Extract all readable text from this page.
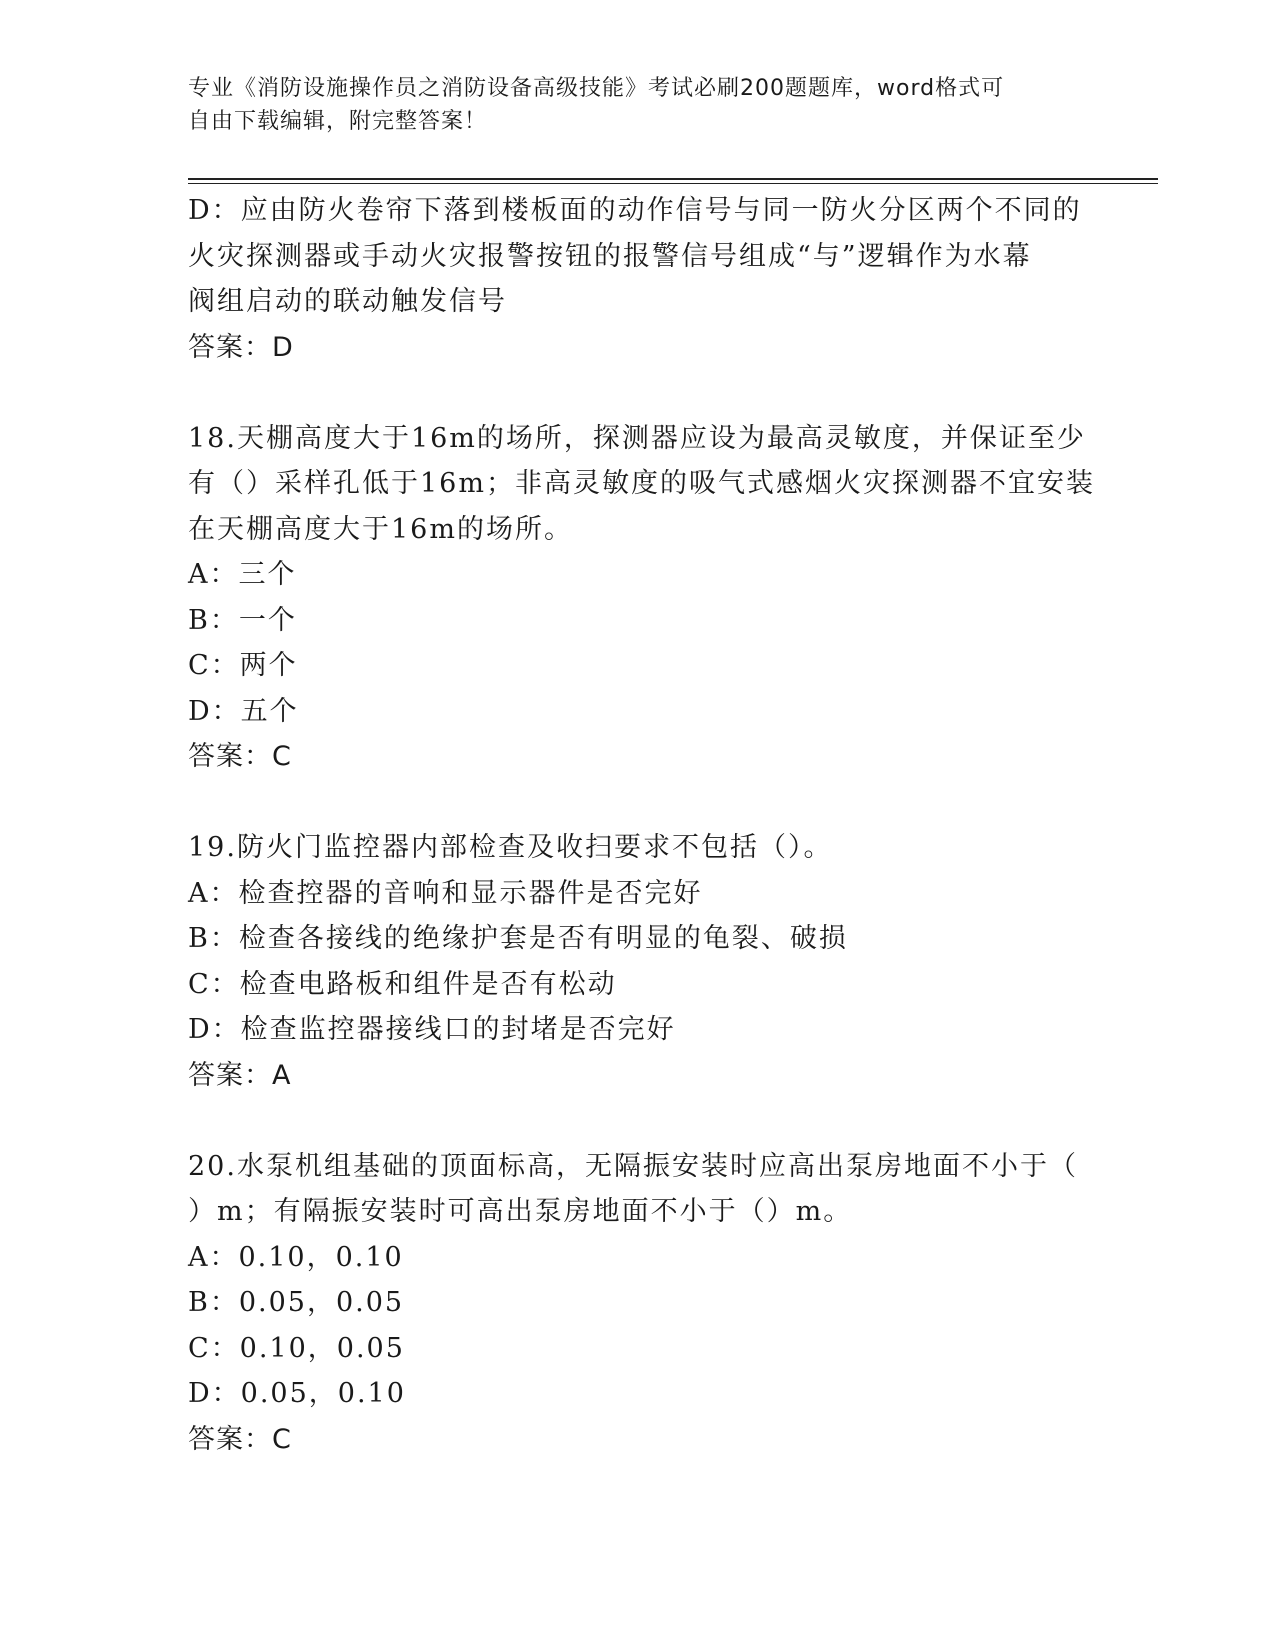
专业《消防设施操作员之消防设备高级技能》考试必刷200题题库，word格式可
自由下载编辑，附完整答案！
D：应由防火卷帘下落到楼板面的动作信号与同一防火分区两个不同的
火灾探测器或手动火灾报警按钮的报警信号组成“与”逻辑作为水幕
阀组启动的联动触发信号
答案：D
18.天棚高度大于16m的场所，探测器应设为最高灵敏度，并保证至少
有（）采样孔低于16m；非高灵敏度的吸气式感烟火灾探测器不宜安装
在天棚高度大于16m的场所。
A：三个
B：一个
C：两个
D：五个
答案：C
19.防火门监控器内部检查及收扫要求不包括（）。
A：检查控器的音响和显示器件是否完好
B：检查各接线的绝缘护套是否有明显的龟裂、破损
C：检查电路板和组件是否有松动
D：检查监控器接线口的封堵是否完好
答案：A
20.水泵机组基础的顶面标高，无隔振安装时应高出泵房地面不小于（
）m；有隔振安装时可高出泵房地面不小于（）m。
A：0.10，0.10
B：0.05，0.05
C：0.10，0.05
D：0.05，0.10
答案：C
